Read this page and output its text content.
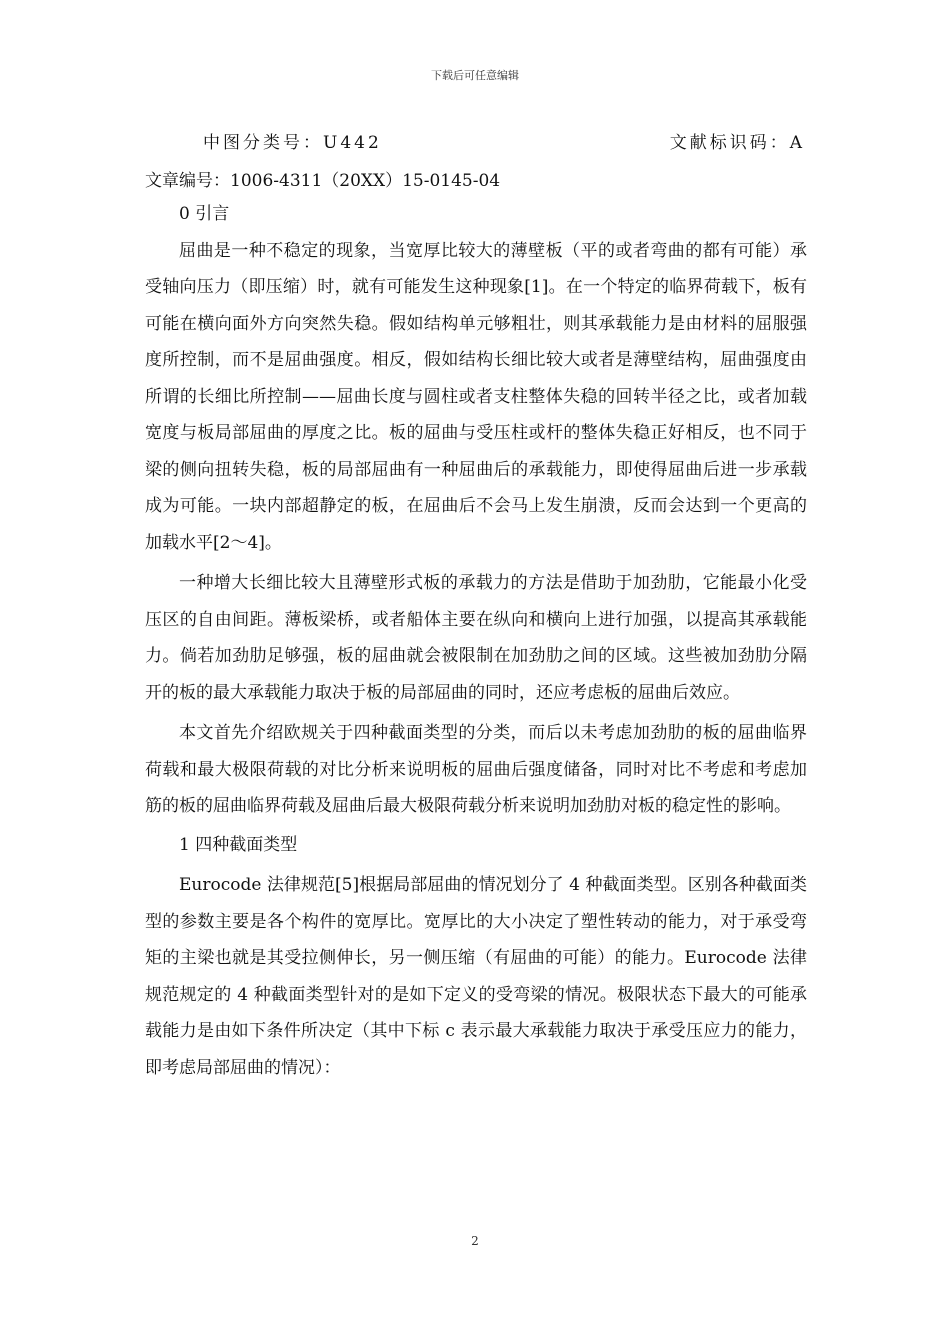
下载后可任意编辑
中图分类号：U442	文献标识码：A
文章编号：1006-4311（20XX）15-0145-04
0 引言

屈曲是一种不稳定的现象，当宽厚比较大的薄壁板（平的或者弯曲的都有可能）承受轴向压力（即压缩）时，就有可能发生这种现象[1]。在一个特定的临界荷载下，板有可能在横向面外方向突然失稳。假如结构单元够粗壮，则其承载能力是由材料的屈服强度所控制，而不是屈曲强度。相反，假如结构长细比较大或者是薄壁结构，屈曲强度由所谓的长细比所控制——屈曲长度与圆柱或者支柱整体失稳的回转半径之比，或者加载宽度与板局部屈曲的厚度之比。板的屈曲与受压柱或杆的整体失稳正好相反，也不同于梁的侧向扭转失稳，板的局部屈曲有一种屈曲后的承载能力，即使得屈曲后进一步承载成为可能。一块内部超静定的板，在屈曲后不会马上发生崩溃，反而会达到一个更高的加载水平[2～4]。

一种增大长细比较大且薄壁形式板的承载力的方法是借助于加劲肋，它能最小化受压区的自由间距。薄板梁桥，或者船体主要在纵向和横向上进行加强，以提高其承载能力。倘若加劲肋足够强，板的屈曲就会被限制在加劲肋之间的区域。这些被加劲肋分隔开的板的最大承载能力取决于板的局部屈曲的同时，还应考虑板的屈曲后效应。

本文首先介绍欧规关于四种截面类型的分类，而后以未考虑加劲肋的板的屈曲临界荷载和最大极限荷载的对比分析来说明板的屈曲后强度储备，同时对比不考虑和考虑加筋的板的屈曲临界荷载及屈曲后最大极限荷载分析来说明加劲肋对板的稳定性的影响。

1 四种截面类型

Eurocode 法律规范[5]根据局部屈曲的情况划分了 4 种截面类型。区别各种截面类型的参数主要是各个构件的宽厚比。宽厚比的大小决定了塑性转动的能力，对于承受弯矩的主梁也就是其受拉侧伸长，另一侧压缩（有屈曲的可能）的能力。Eurocode 法律规范规定的 4 种截面类型针对的是如下定义的受弯梁的情况。极限状态下最大的可能承载能力是由如下条件所决定（其中下标 c 表示最大承载能力取决于承受压应力的能力，即考虑局部屈曲的情况）：

2
